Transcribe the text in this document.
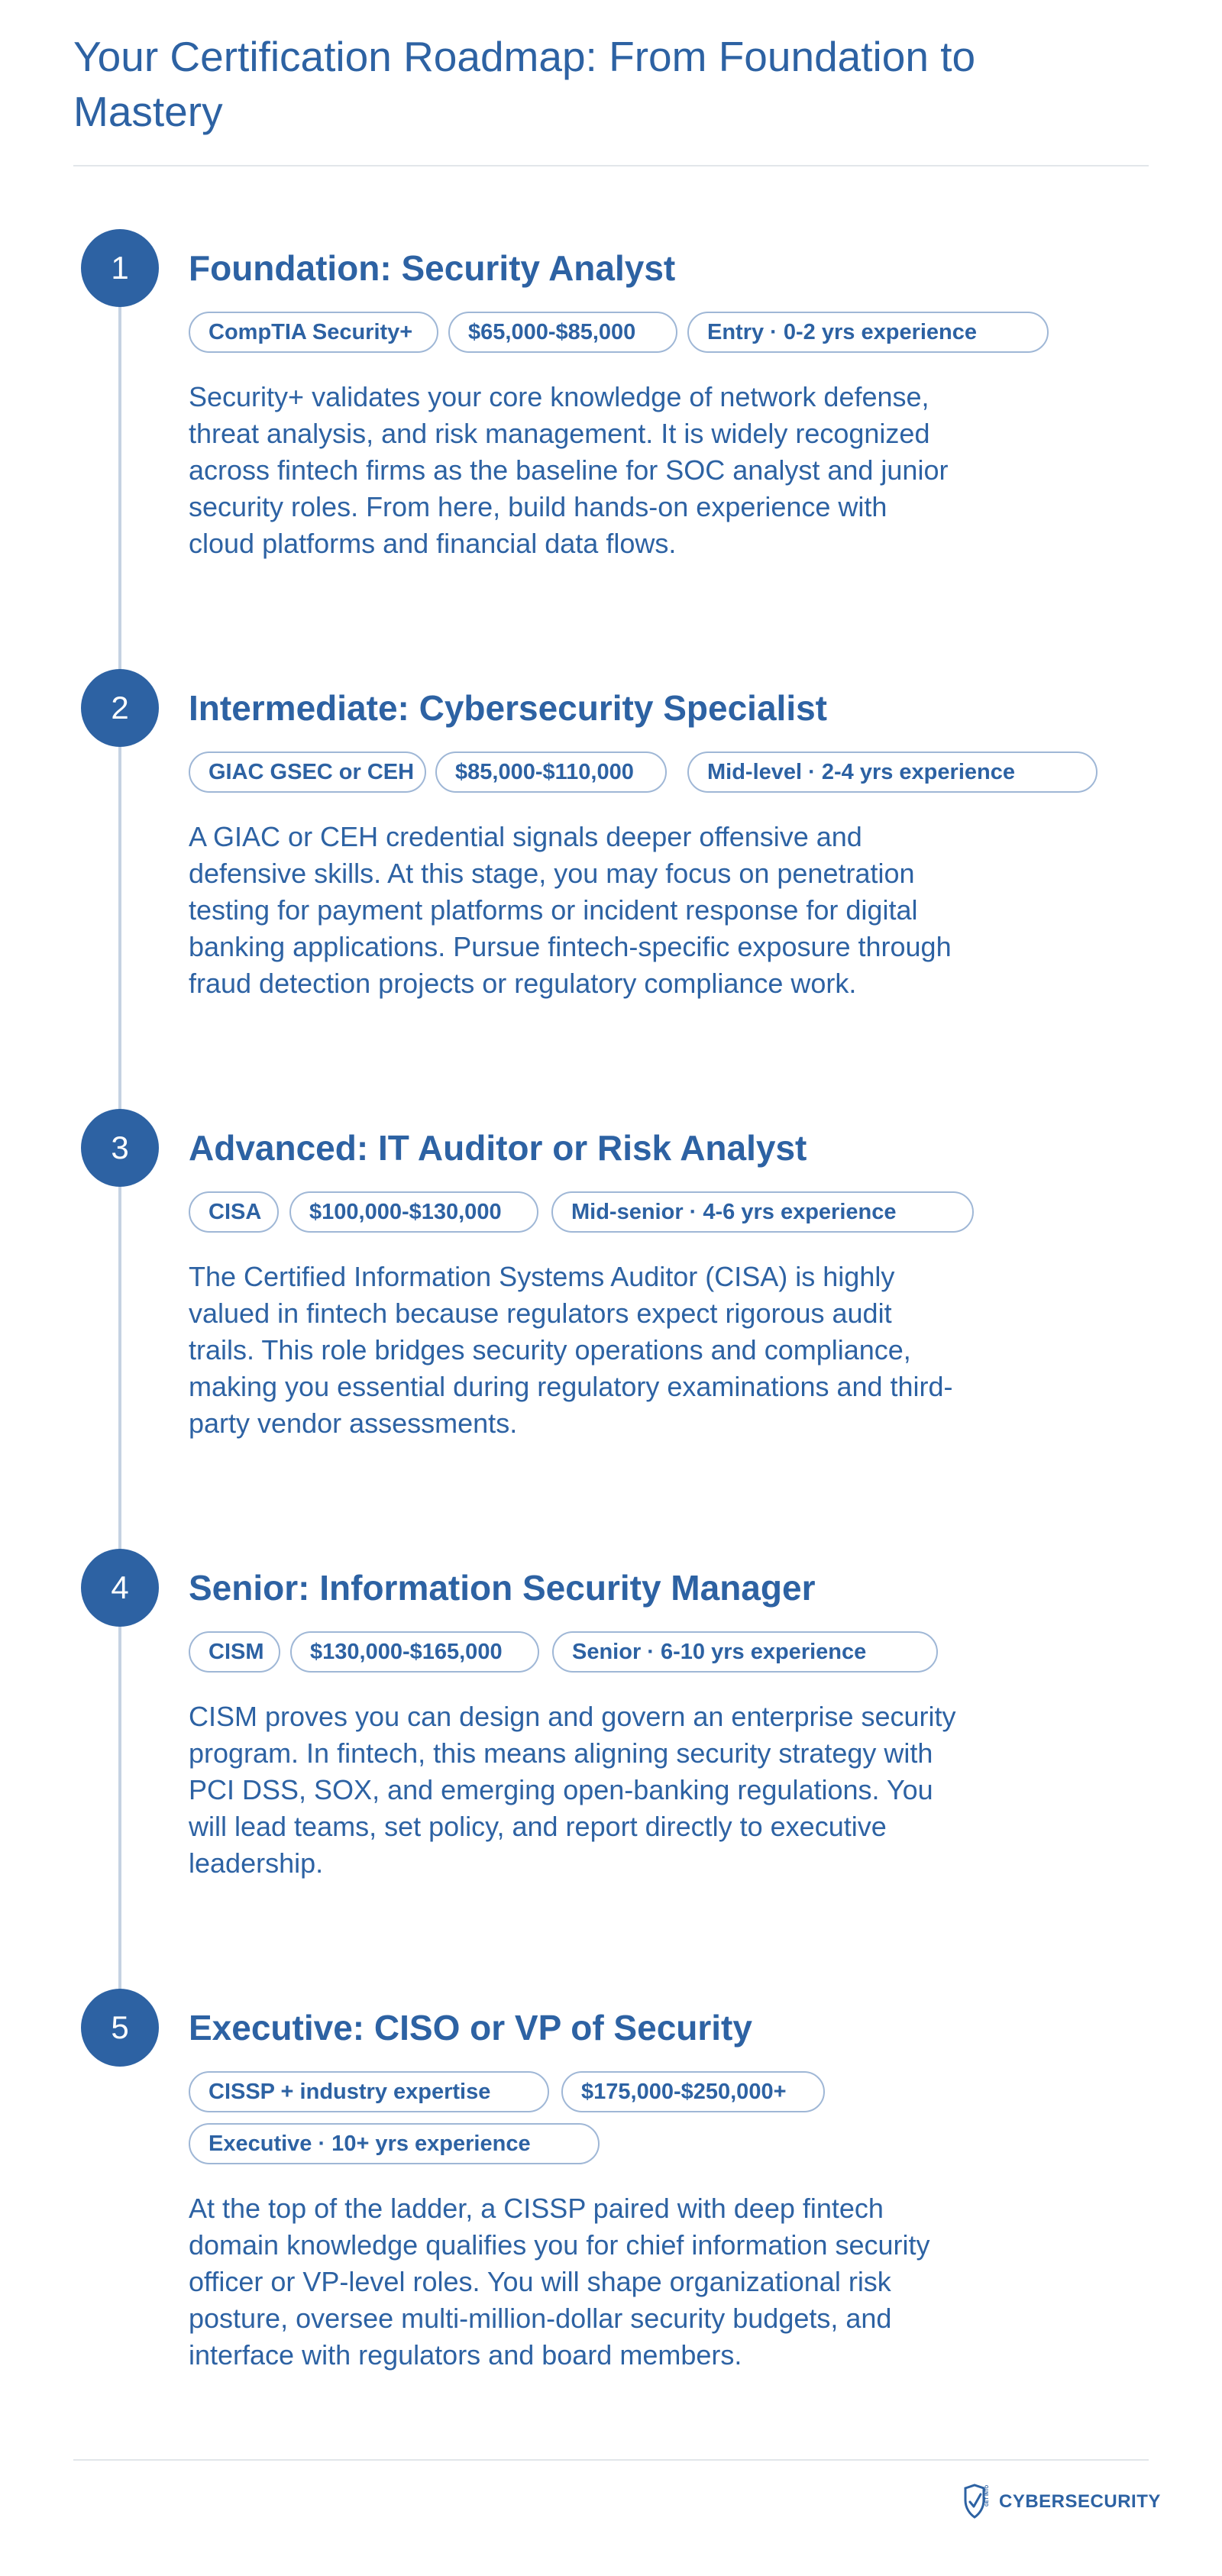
Your Certification Roadmap: From Foundation to Mastery
1	Foundation: Security Analyst
CompTIA Security+	$65,000-$85,000	Entry · 0-2 yrs experience

Security+ validates your core knowledge of network defense, threat analysis, and risk management. It is widely recognized across fintech firms as the baseline for SOC analyst and junior security roles. From here, build hands-on experience with cloud platforms and financial data flows.

2	Intermediate: Cybersecurity Specialist
GIAC GSEC or CEH	$85,000-$110,000	Mid-level · 2-4 yrs experience

A GIAC or CEH credential signals deeper offensive and defensive skills. At this stage, you may focus on penetration testing for payment platforms or incident response for digital banking applications. Pursue fintech-specific exposure through fraud detection projects or regulatory compliance work.

3	Advanced: IT Auditor or Risk Analyst
CISA	$100,000-$130,000	Mid-senior · 4-6 yrs experience

The Certified Information Systems Auditor (CISA) is highly valued in fintech because regulators expect rigorous audit trails. This role bridges security operations and compliance, making you essential during regulatory examinations and third-party vendor assessments.

4	Senior: Information Security Manager
CISM	$130,000-$165,000	Senior · 6-10 yrs experience

CISM proves you can design and govern an enterprise security program. In fintech, this means aligning security strategy with PCI DSS, SOX, and emerging open-banking regulations. You will lead teams, set policy, and report directly to executive leadership.

5	Executive: CISO or VP of Security
CISSP + industry expertise	$175,000-$250,000+
Executive · 10+ yrs experience

At the top of the ladder, a CISSP paired with deep fintech domain knowledge qualifies you for chief information security officer or VP-level roles. You will shape organizational risk posture, oversee multi-million-dollar security budgets, and interface with regulators and board members.

GET INTO CYBERSECURITY
